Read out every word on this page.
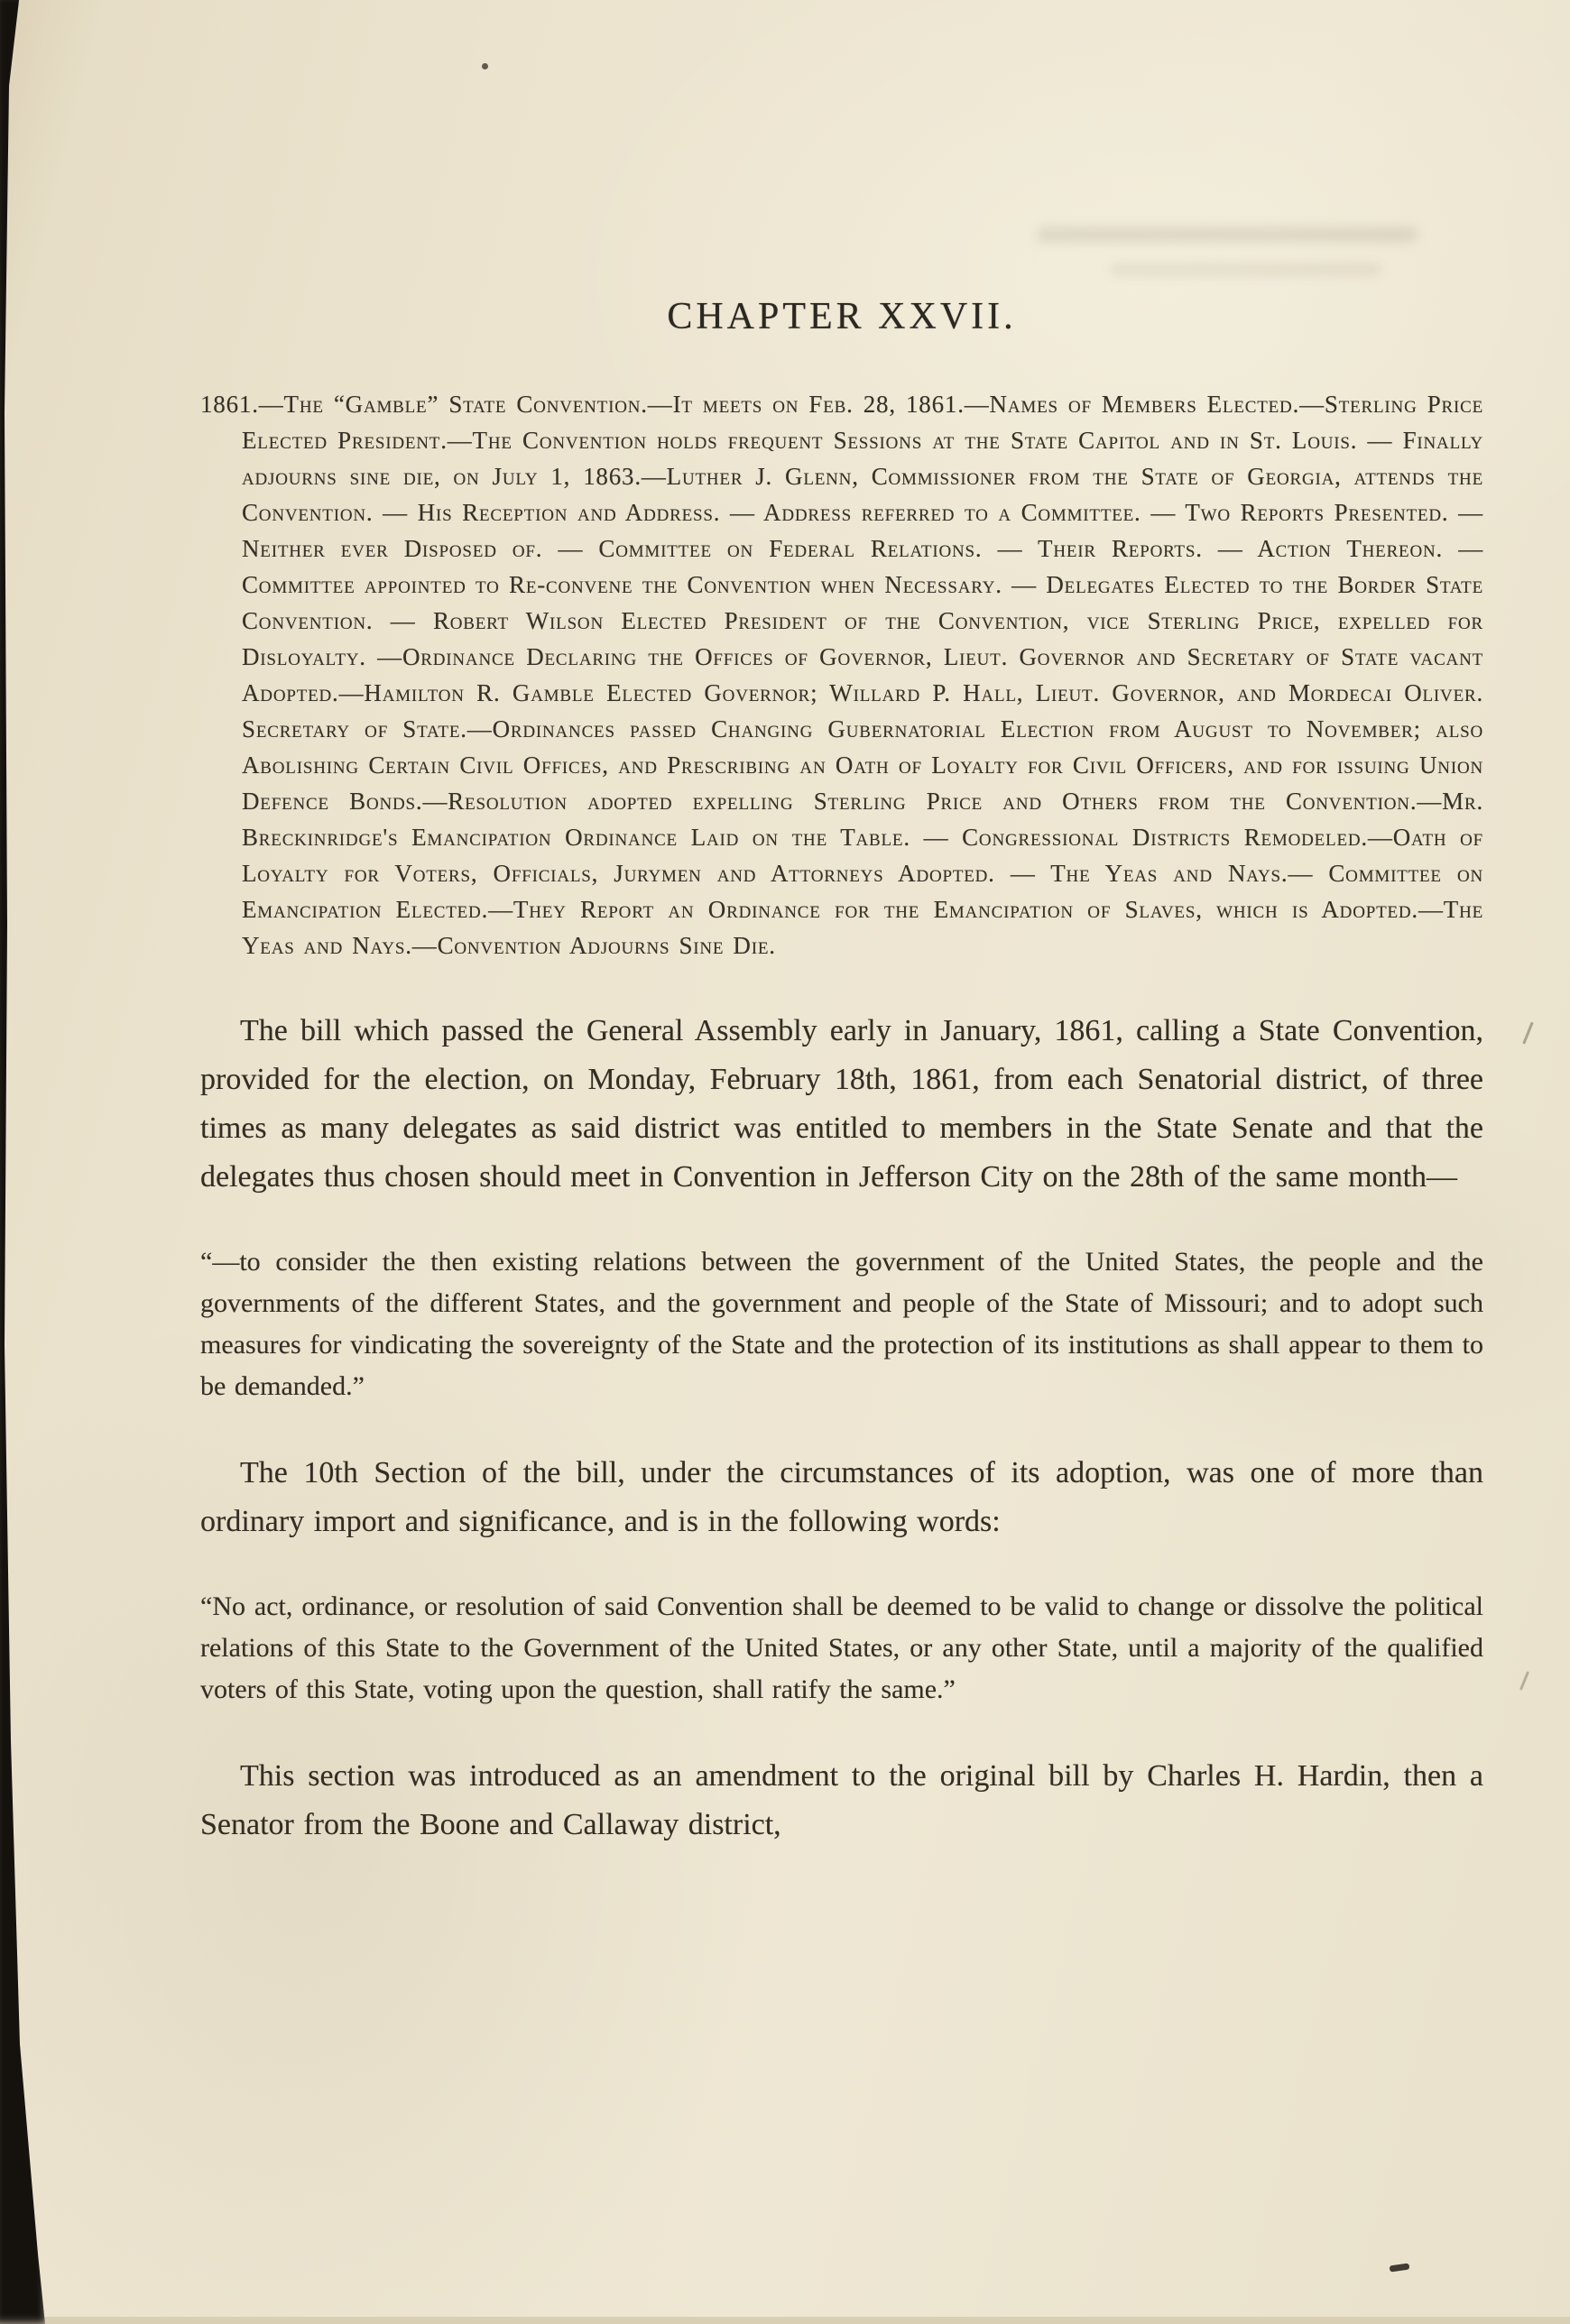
CHAPTER XXVII.

1861.—The “Gamble” State Convention.—It meets on Feb. 28, 1861.—Names of Members Elected.—Sterling Price Elected President.—The Convention holds frequent Sessions at the State Capitol and in St. Louis. — Finally adjourns sine die, on July 1, 1863.—Luther J. Glenn, Commissioner from the State of Georgia, attends the Convention. — His Reception and Address. — Address referred to a Committee. — Two Reports Presented. — Neither ever Disposed of. — Committee on Federal Relations. — Their Reports. — Action Thereon. — Committee appointed to Re-convene the Convention when Necessary. — Delegates Elected to the Border State Convention. — Robert Wilson Elected President of the Convention, vice Sterling Price, expelled for Disloyalty. —Ordinance Declaring the Offices of Governor, Lieut. Governor and Secretary of State vacant Adopted.—Hamilton R. Gamble Elected Governor; Willard P. Hall, Lieut. Governor, and Mordecai Oliver. Secretary of State.—Ordinances passed Changing Gubernatorial Election from August to November; also Abolishing Certain Civil Offices, and Prescribing an Oath of Loyalty for Civil Officers, and for issuing Union Defence Bonds.—Resolution adopted expelling Sterling Price and Others from the Convention.—Mr. Breckinridge's Emancipation Ordinance Laid on the Table. — Congressional Districts Remodeled.—Oath of Loyalty for Voters, Officials, Jurymen and Attorneys Adopted. — The Yeas and Nays.— Committee on Emancipation Elected.—They Report an Ordinance for the Emancipation of Slaves, which is Adopted.—The Yeas and Nays.—Convention Adjourns Sine Die.

The bill which passed the General Assembly early in January, 1861, calling a State Convention, provided for the election, on Monday, February 18th, 1861, from each Senatorial district, of three times as many delegates as said district was entitled to members in the State Senate and that the delegates thus chosen should meet in Convention in Jefferson City on the 28th of the same month—

“—to consider the then existing relations between the government of the United States, the people and the governments of the different States, and the government and people of the State of Missouri; and to adopt such measures for vindicating the sovereignty of the State and the protection of its institutions as shall appear to them to be demanded.”

The 10th Section of the bill, under the circumstances of its adoption, was one of more than ordinary import and significance, and is in the following words:

“No act, ordinance, or resolution of said Convention shall be deemed to be valid to change or dissolve the political relations of this State to the Government of the United States, or any other State, until a majority of the qualified voters of this State, voting upon the question, shall ratify the same.”

This section was introduced as an amendment to the original bill by Charles H. Hardin, then a Senator from the Boone and Callaway district,
